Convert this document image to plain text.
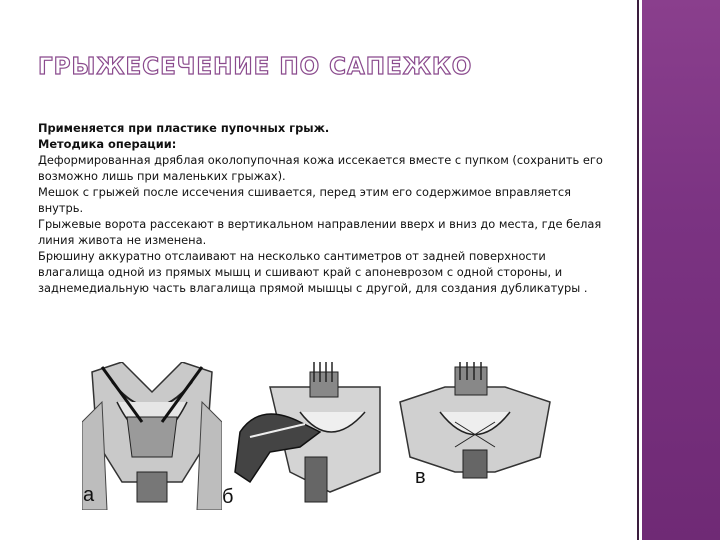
ГРЫЖЕСЕЧЕНИЕ ПО САПЕЖКО

Применяется при пластике пупочных грыж.

Методика операции:

Деформированная дряблая околопупочная кожа иссекается вместе с пупком (сохранить его возможно лишь при маленьких грыжах).

Мешок с грыжей после иссечения сшивается, перед этим его содержимое вправляется внутрь.

Грыжевые ворота рассекают в вертикальном направлении вверх и вниз до места, где белая линия живота не изменена.

Брюшину аккуратно отслаивают на несколько сантиметров от задней поверхности влагалища одной из прямых мышц и сшивают край с апоневрозом с одной стороны, и заднемедиальную часть влагалища прямой мышцы с другой, для создания дубликатуры .

а	б
в
